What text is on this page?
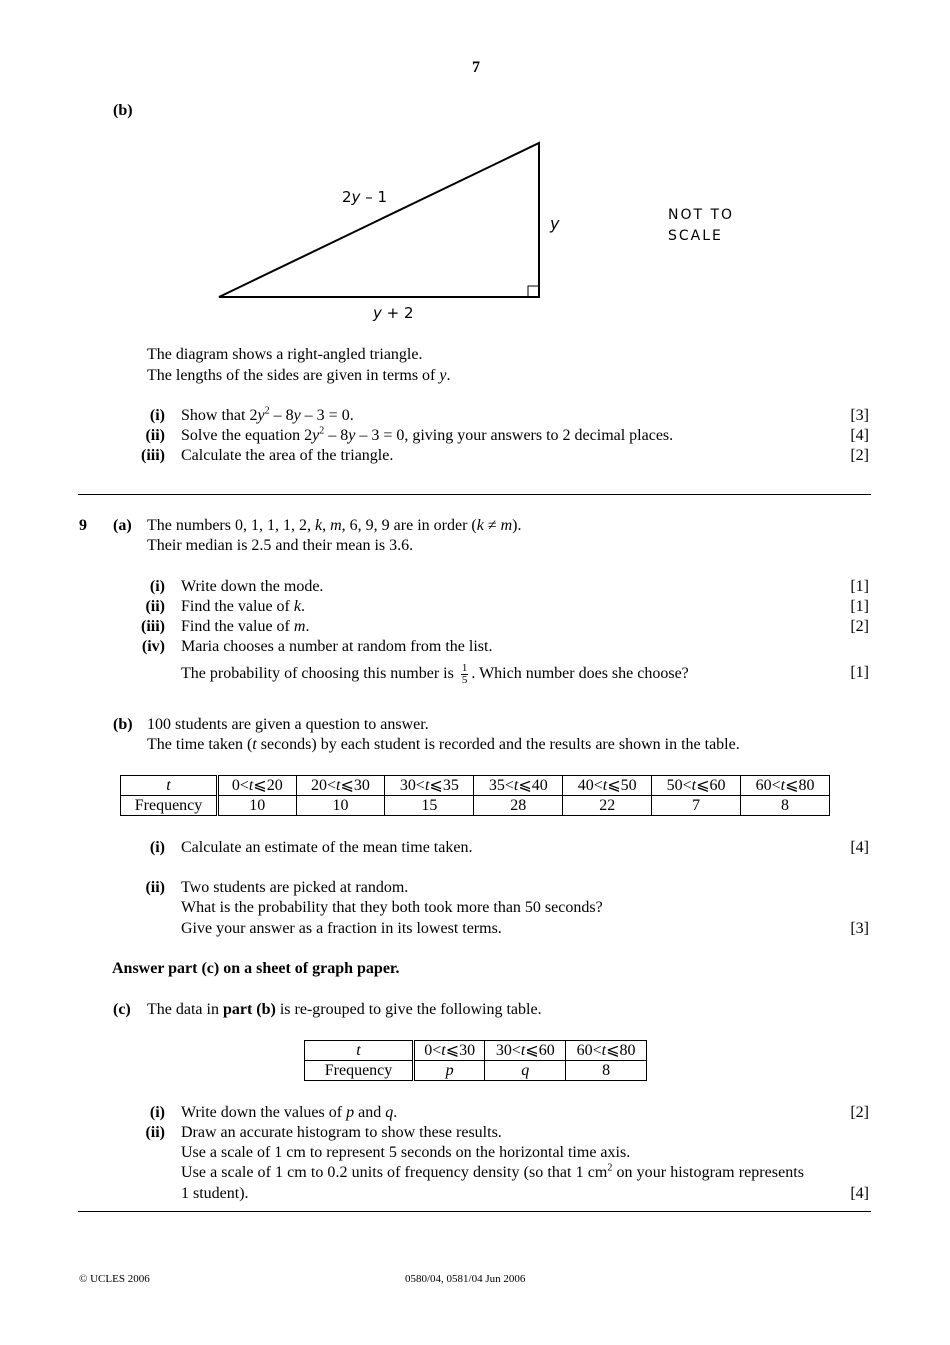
7
(b)
2y – 1
y
y + 2
NOT TO
SCALE
The diagram shows a right-angled triangle.
The lengths of the sides are given in terms of y.
(i) Show that $2y^2 - 8y - 3 = 0$.	[3]
(ii) Solve the equation $2y^2 - 8y - 3 = 0$, giving your answers to 2 decimal places.	[4]
(iii) Calculate the area of the triangle.	[2]
9 (a) The numbers 0, 1, 1, 1, 2, k, m, 6, 9, 9 are in order (k ≠ m).
Their median is 2.5 and their mean is 3.6.
(i) Write down the mode.	[1]
(ii) Find the value of k.	[1]
(iii) Find the value of m.	[2]
(iv) Maria chooses a number at random from the list.
The probability of choosing this number is $\frac{1}{5}$ . Which number does she choose?	[1]
(b) 100 students are given a question to answer.
The time taken (t seconds) by each student is recorded and the results are shown in the table.
t	0<t⩽20	20<t⩽30	30<t⩽35	35<t⩽40	40<t⩽50	50<t⩽60	60<t⩽80
Frequency	10	10	15	28	22	7	8
(i) Calculate an estimate of the mean time taken.	[4]
(ii) Two students are picked at random.
What is the probability that they both took more than 50 seconds?
Give your answer as a fraction in its lowest terms.	[3]
Answer part (c) on a sheet of graph paper.
(c) The data in part (b) is re-grouped to give the following table.
t	0<t⩽30	30<t⩽60	60<t⩽80
Frequency	p	q	8
(i) Write down the values of p and q.	[2]
(ii) Draw an accurate histogram to show these results.
Use a scale of 1 cm to represent 5 seconds on the horizontal time axis.
Use a scale of 1 cm to 0.2 units of frequency density (so that 1 $cm^2$ on your histogram represents
1 student).	[4]
© UCLES 2006	0580/04, 0581/04 Jun 2006
